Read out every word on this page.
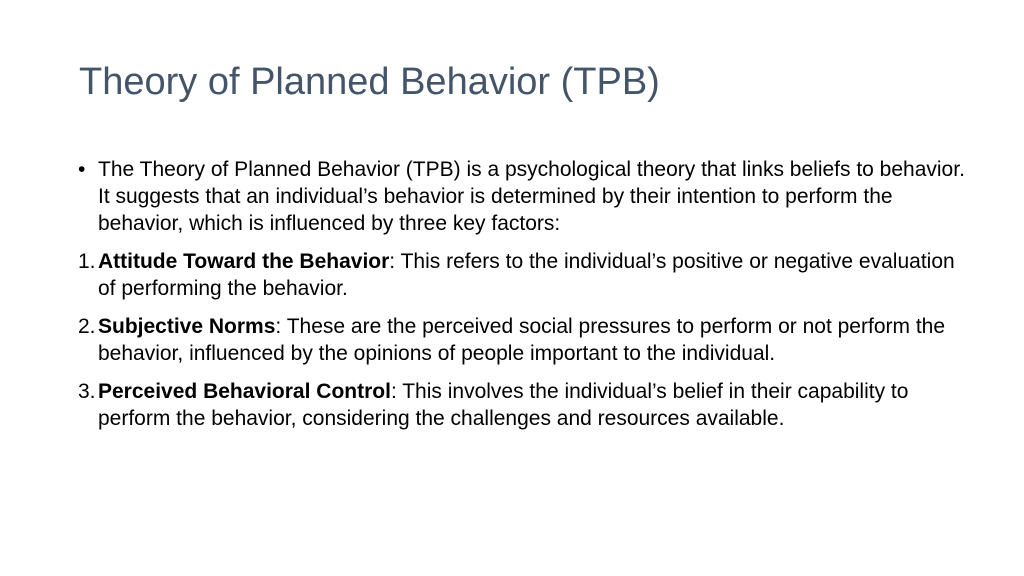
Theory of Planned Behavior (TPB)
• The Theory of Planned Behavior (TPB) is a psychological theory that links beliefs to behavior. It suggests that an individual’s behavior is determined by their intention to perform the behavior, which is influenced by three key factors:
1. Attitude Toward the Behavior: This refers to the individual’s positive or negative evaluation of performing the behavior.
2. Subjective Norms: These are the perceived social pressures to perform or not perform the behavior, influenced by the opinions of people important to the individual.
3. Perceived Behavioral Control: This involves the individual’s belief in their capability to perform the behavior, considering the challenges and resources available.
